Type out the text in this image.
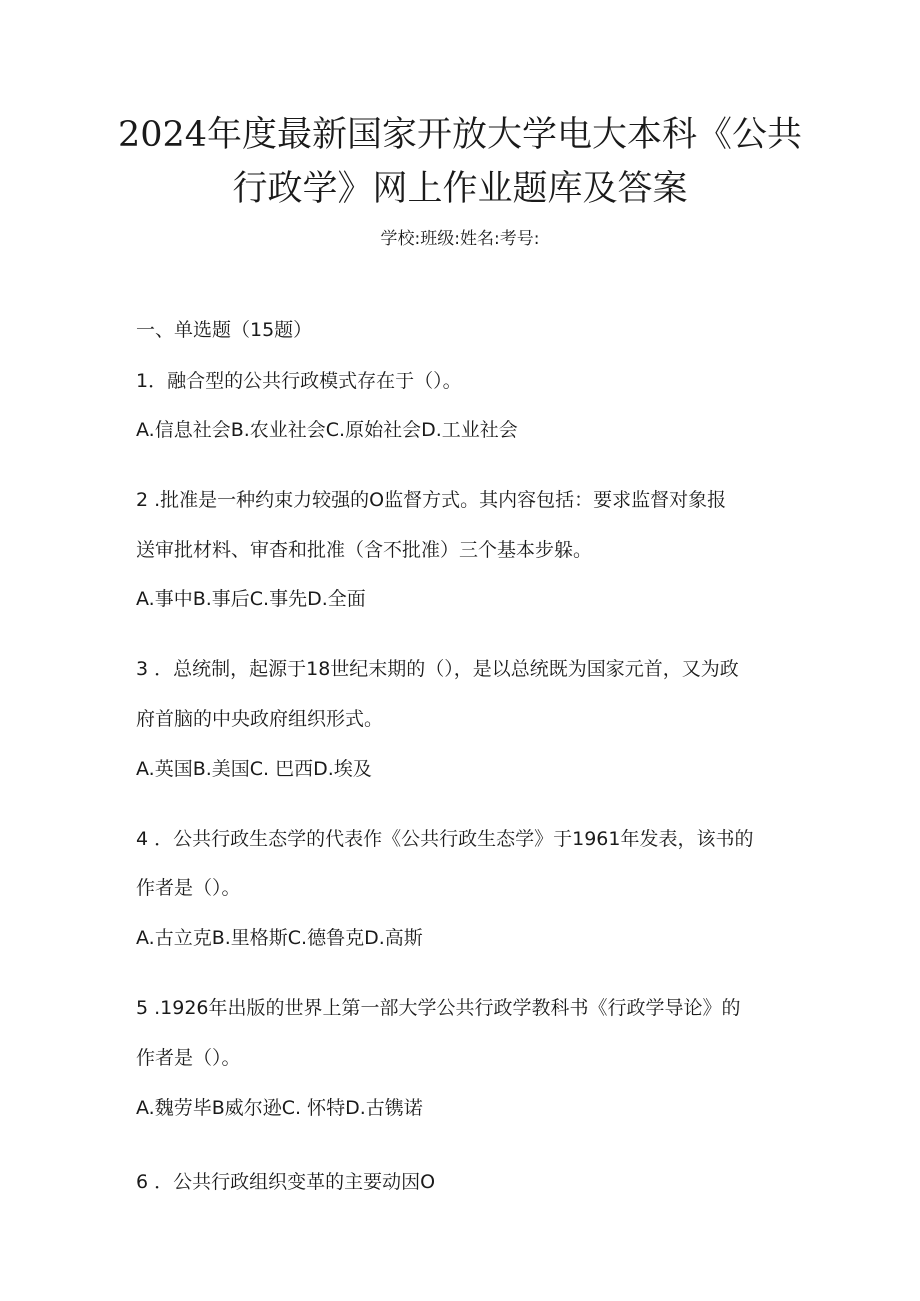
2024年度最新国家开放大学电大本科《公共
行政学》网上作业题库及答案
学校:班级:姓名:考号:

一、单选题（15题）

1．融合型的公共行政模式存在于（）。

A.信息社会B.农业社会C.原始社会D.工业社会

2 .批准是一种约束力较强的O监督方式。其内容包括：要求监督对象报

送审批材料、审杳和批准（含不批准）三个基本步躲。

A.事中B.事后C.事先D.全面

3 ．总统制，起源于18世纪末期的（），是以总统既为国家元首，又为政

府首脑的中央政府组织形式。

A.英国B.美国C. 巴西D.埃及

4 ．公共行政生态学的代表作《公共行政生态学》于1961年发表，该书的

作者是（）。

A.古立克B.里格斯C.德鲁克D.高斯

5 .1926年出版的世界上第一部大学公共行政学教科书《行政学导论》的

作者是（）。

A.魏劳毕B威尔逊C. 怀特D.古镌诺

6 ．公共行政组织变革的主要动因O
